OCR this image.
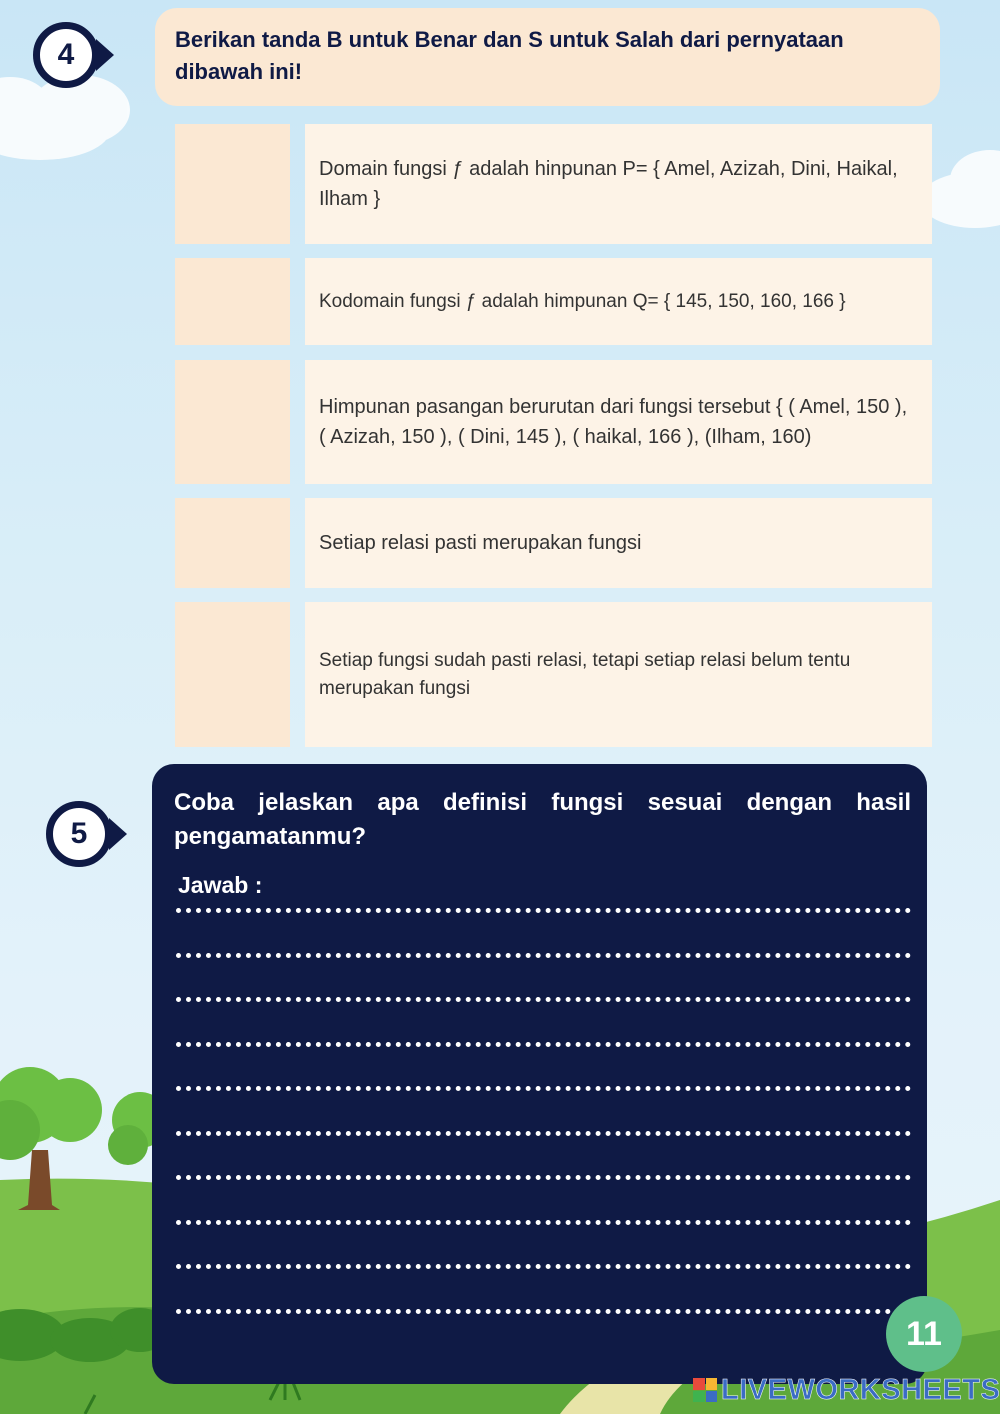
4	Berikan tanda B untuk Benar dan S untuk Salah dari pernyataan dibawah ini!
Domain fungsi ƒ adalah hinpunan P= { Amel, Azizah, Dini, Haikal, Ilham }
Kodomain fungsi ƒ adalah himpunan Q= { 145, 150, 160, 166 }
Himpunan pasangan berurutan dari fungsi tersebut { ( Amel, 150 ), ( Azizah, 150 ), ( Dini, 145 ), ( haikal, 166 ), (Ilham, 160)
Setiap relasi pasti merupakan fungsi
Setiap fungsi sudah pasti relasi, tetapi setiap relasi belum tentu merupakan fungsi
5
Coba jelaskan apa definisi fungsi sesuai dengan hasil pengamatanmu?
Jawab :
11
LIVEWORKSHEETS
